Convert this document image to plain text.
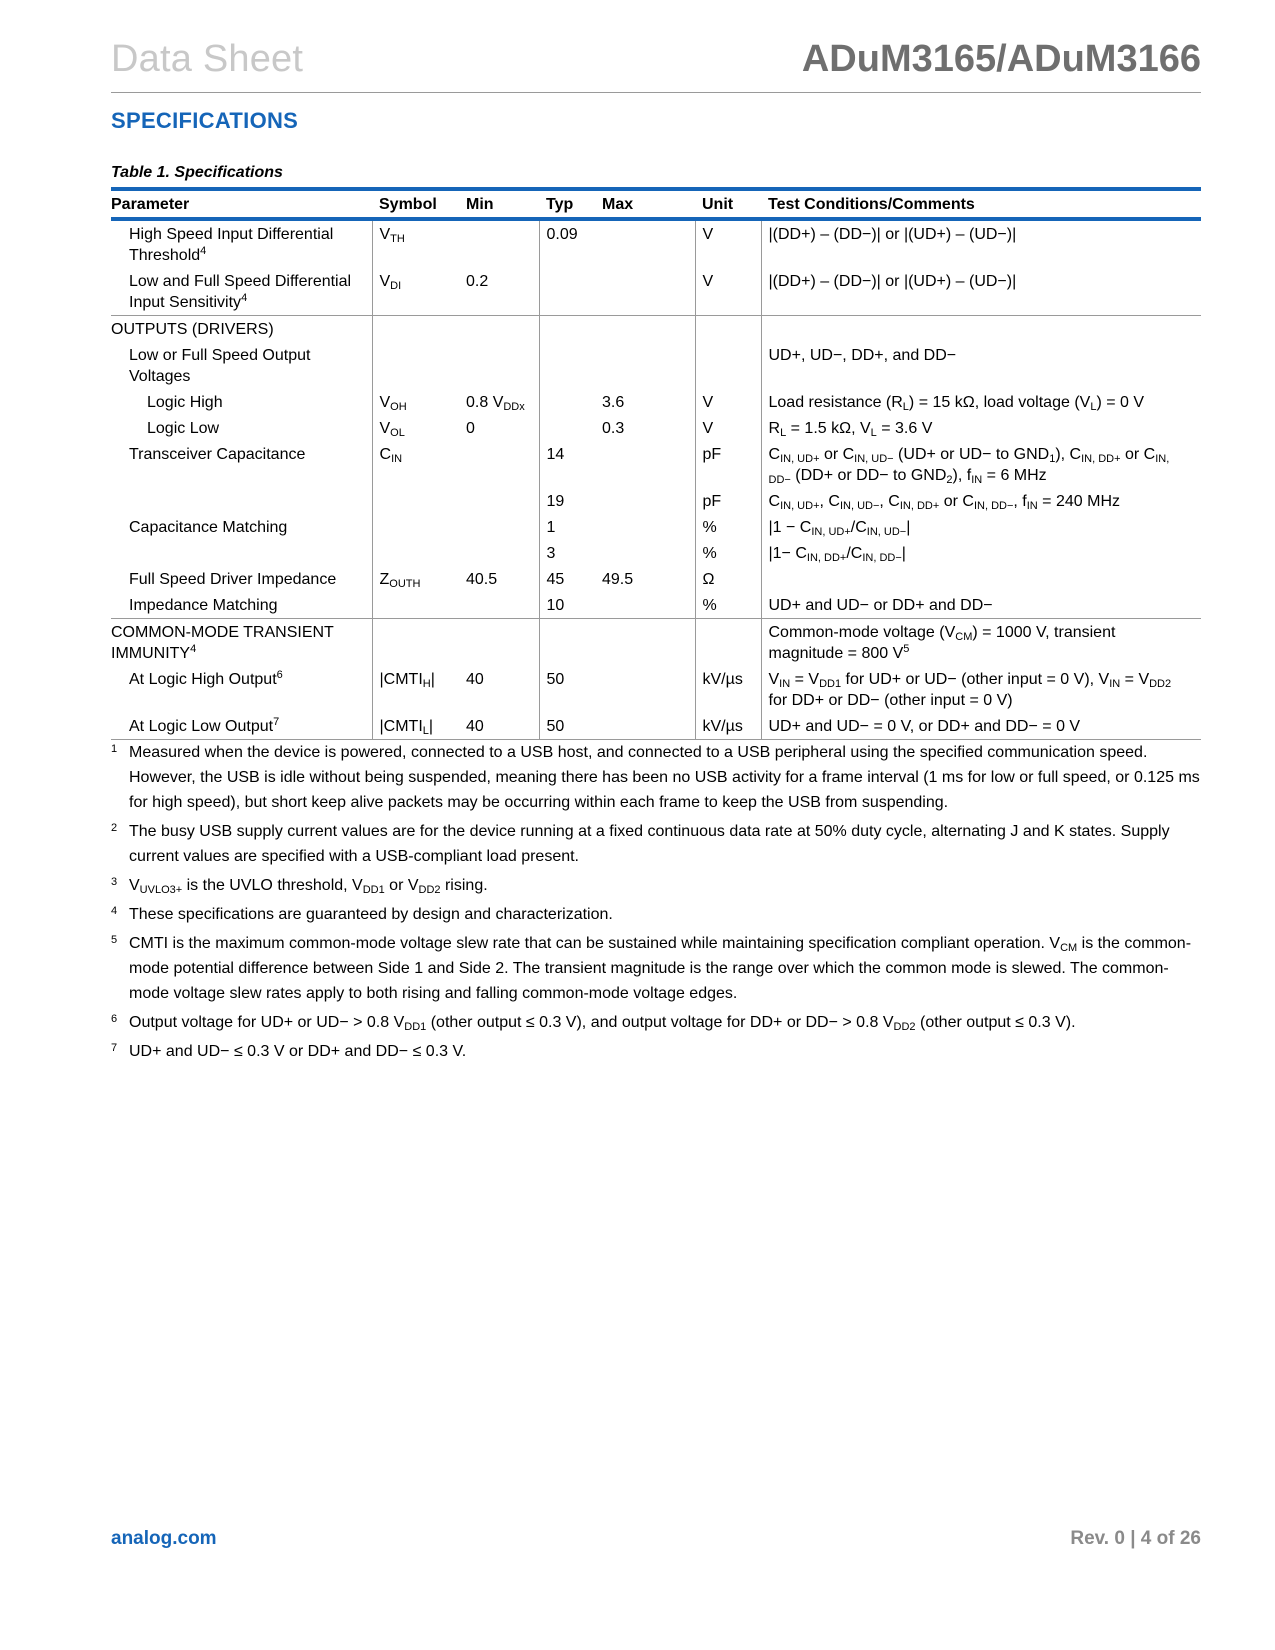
Data Sheet	ADuM3165/ADuM3166
SPECIFICATIONS
Table 1. Specifications
Parameter	Symbol	Min	Typ	Max	Unit	Test Conditions/Comments
High Speed Input Differential Threshold$^4$	$V_{TH}$		0.09		V	|(DD+) – (DD−)| or |(UD+) – (UD−)|
Low and Full Speed Differential Input Sensitivity$^4$	$V_{DI}$	0.2			V	|(DD+) – (DD−)| or |(UD+) – (UD−)|
OUTPUTS (DRIVERS)						
Low or Full Speed Output Voltages						UD+, UD−, DD+, and DD−
Logic High	$V_{OH}$	0.8 $V_{DDx}$		3.6	V	Load resistance $(R_L) = 15$ kΩ, load voltage $(V_L) = 0$ V
Logic Low	$V_{OL}$	0		0.3	V	$R_L = 1.5$ kΩ, $V_L = 3.6$ V
Transceiver Capacitance	$C_{IN}$		14		pF	$C_{IN, UD+}$ or $C_{IN, UD-}$ (UD+ or UD− to $GND_1$), $C_{IN, DD+}$ or $C_{IN, DD-}$ (DD+ or DD− to $GND_2$), $f_{IN} = 6$ MHz
			19		pF	$C_{IN, UD+}$, $C_{IN, UD-}$, $C_{IN, DD+}$ or $C_{IN, DD-}$, $f_{IN} = 240$ MHz
Capacitance Matching			1		%	$|1 - C_{IN, UD+}/C_{IN, UD-}|$
			3		%	$|1- C_{IN, DD+}/C_{IN, DD-}|$
Full Speed Driver Impedance	$Z_{OUTH}$	40.5	45	49.5	Ω	
Impedance Matching			10		%	UD+ and UD− or DD+ and DD−
COMMON-MODE TRANSIENT IMMUNITY$^4$						Common-mode voltage $(V_{CM}) = 1000$ V, transient magnitude = 800 $V^5$
At Logic High Output$^6$	$|CMTI_H|$	40	50		kV/µs	$V_{IN} = V_{DD1}$ for UD+ or UD− (other input = 0 V), $V_{IN} = V_{DD2}$ for DD+ or DD− (other input = 0 V)
At Logic Low Output$^7$	$|CMTI_L|$	40	50		kV/µs	UD+ and UD− = 0 V, or DD+ and DD− = 0 V
1 Measured when the device is powered, connected to a USB host, and connected to a USB peripheral using the specified communication speed. However, the USB is idle without being suspended, meaning there has been no USB activity for a frame interval (1 ms for low or full speed, or 0.125 ms for high speed), but short keep alive packets may be occurring within each frame to keep the USB from suspending.
2 The busy USB supply current values are for the device running at a fixed continuous data rate at 50% duty cycle, alternating J and K states. Supply current values are specified with a USB-compliant load present.
3 $V_{UVLO3+}$ is the UVLO threshold, $V_{DD1}$ or $V_{DD2}$ rising.
4 These specifications are guaranteed by design and characterization.
5 CMTI is the maximum common-mode voltage slew rate that can be sustained while maintaining specification compliant operation. $V_{CM}$ is the common-mode potential difference between Side 1 and Side 2. The transient magnitude is the range over which the common mode is slewed. The common-mode voltage slew rates apply to both rising and falling common-mode voltage edges.
6 Output voltage for UD+ or UD− > 0.8 $V_{DD1}$ (other output ≤ 0.3 V), and output voltage for DD+ or DD− > 0.8 $V_{DD2}$ (other output ≤ 0.3 V).
7 UD+ and UD− ≤ 0.3 V or DD+ and DD− ≤ 0.3 V.
analog.com	Rev. 0 | 4 of 26
